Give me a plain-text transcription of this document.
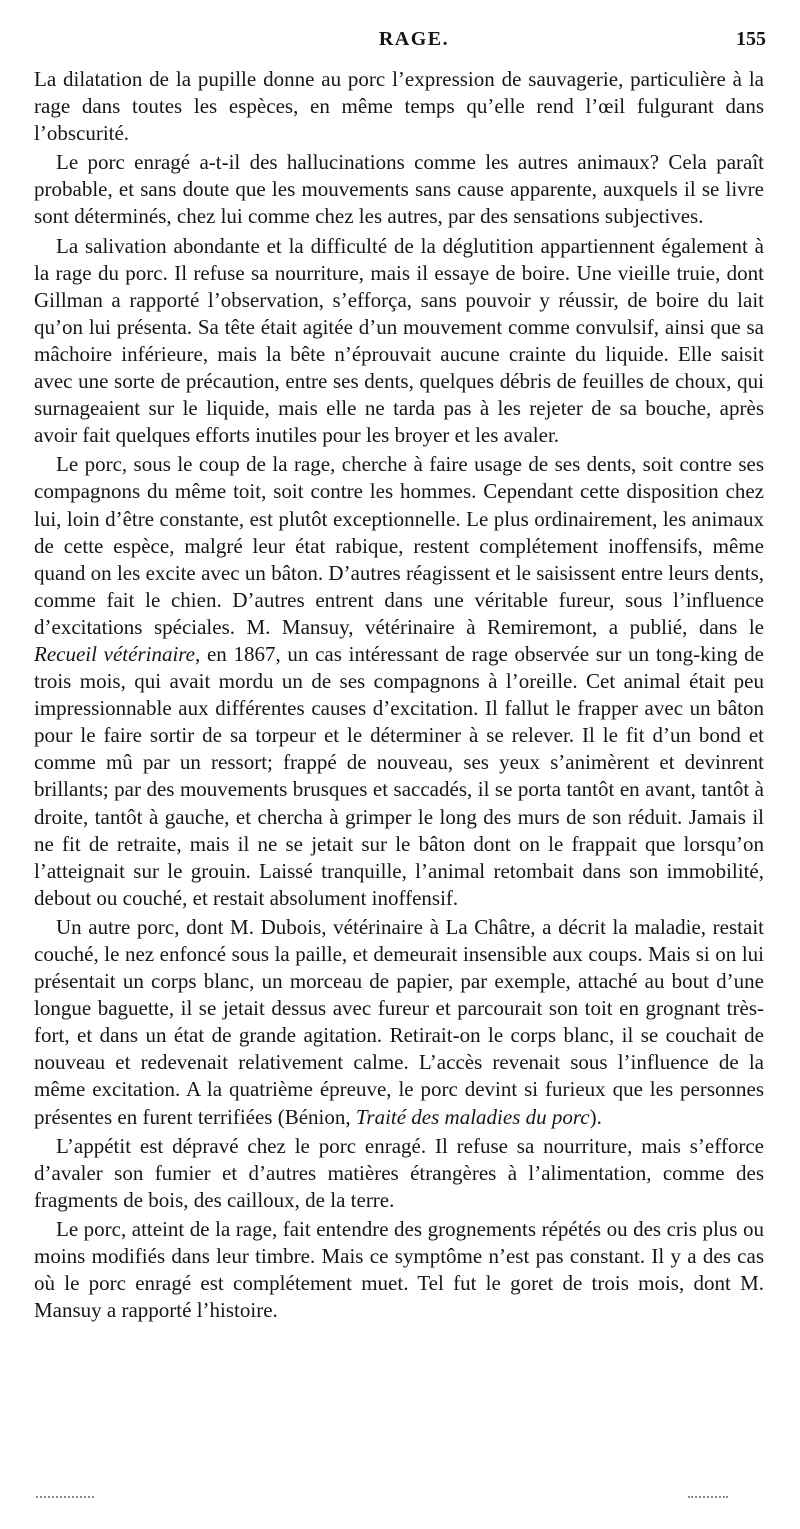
RAGE.	155

La dilatation de la pupille donne au porc l’expression de sauvagerie, particulière à la rage dans toutes les espèces, en même temps qu’elle rend l’œil fulgurant dans l’obscurité.

Le porc enragé a-t-il des hallucinations comme les autres animaux? Cela paraît probable, et sans doute que les mouvements sans cause apparente, auxquels il se livre sont déterminés, chez lui comme chez les autres, par des sensations subjectives.

La salivation abondante et la difficulté de la déglutition appartiennent également à la rage du porc. Il refuse sa nourriture, mais il essaye de boire. Une vieille truie, dont Gillman a rapporté l’observation, s’efforça, sans pouvoir y réussir, de boire du lait qu’on lui présenta. Sa tête était agitée d’un mouvement comme convulsif, ainsi que sa mâchoire inférieure, mais la bête n’éprouvait aucune crainte du liquide. Elle saisit avec une sorte de précaution, entre ses dents, quelques débris de feuilles de choux, qui surnageaient sur le liquide, mais elle ne tarda pas à les rejeter de sa bouche, après avoir fait quelques efforts inutiles pour les broyer et les avaler.

Le porc, sous le coup de la rage, cherche à faire usage de ses dents, soit contre ses compagnons du même toit, soit contre les hommes. Cependant cette disposition chez lui, loin d’être constante, est plutôt exceptionnelle. Le plus ordinairement, les animaux de cette espèce, malgré leur état rabique, restent complétement inoffensifs, même quand on les excite avec un bâton. D’autres réagissent et le saisissent entre leurs dents, comme fait le chien. D’autres entrent dans une véritable fureur, sous l’influence d’excitations spéciales. M. Mansuy, vétérinaire à Remiremont, a publié, dans le Recueil vétérinaire, en 1867, un cas intéressant de rage observée sur un tong-king de trois mois, qui avait mordu un de ses compagnons à l’oreille. Cet animal était peu impressionnable aux différentes causes d’excitation. Il fallut le frapper avec un bâton pour le faire sortir de sa torpeur et le déterminer à se relever. Il le fit d’un bond et comme mû par un ressort; frappé de nouveau, ses yeux s’animèrent et devinrent brillants; par des mouvements brusques et saccadés, il se porta tantôt en avant, tantôt à droite, tantôt à gauche, et chercha à grimper le long des murs de son réduit. Jamais il ne fit de retraite, mais il ne se jetait sur le bâton dont on le frappait que lorsqu’on l’atteignait sur le grouin. Laissé tranquille, l’animal retombait dans son immobilité, debout ou couché, et restait absolument inoffensif.

Un autre porc, dont M. Dubois, vétérinaire à La Châtre, a décrit la maladie, restait couché, le nez enfoncé sous la paille, et demeurait insensible aux coups. Mais si on lui présentait un corps blanc, un morceau de papier, par exemple, attaché au bout d’une longue baguette, il se jetait dessus avec fureur et parcourait son toit en grognant très-fort, et dans un état de grande agitation. Retirait-on le corps blanc, il se couchait de nouveau et redevenait relativement calme. L’accès revenait sous l’influence de la même excitation. A la quatrième épreuve, le porc devint si furieux que les personnes présentes en furent terrifiées (Bénion, Traité des maladies du porc).

L’appétit est dépravé chez le porc enragé. Il refuse sa nourriture, mais s’efforce d’avaler son fumier et d’autres matières étrangères à l’alimentation, comme des fragments de bois, des cailloux, de la terre.

Le porc, atteint de la rage, fait entendre des grognements répétés ou des cris plus ou moins modifiés dans leur timbre. Mais ce symptôme n’est pas constant. Il y a des cas où le porc enragé est complétement muet. Tel fut le goret de trois mois, dont M. Mansuy a rapporté l’histoire.
